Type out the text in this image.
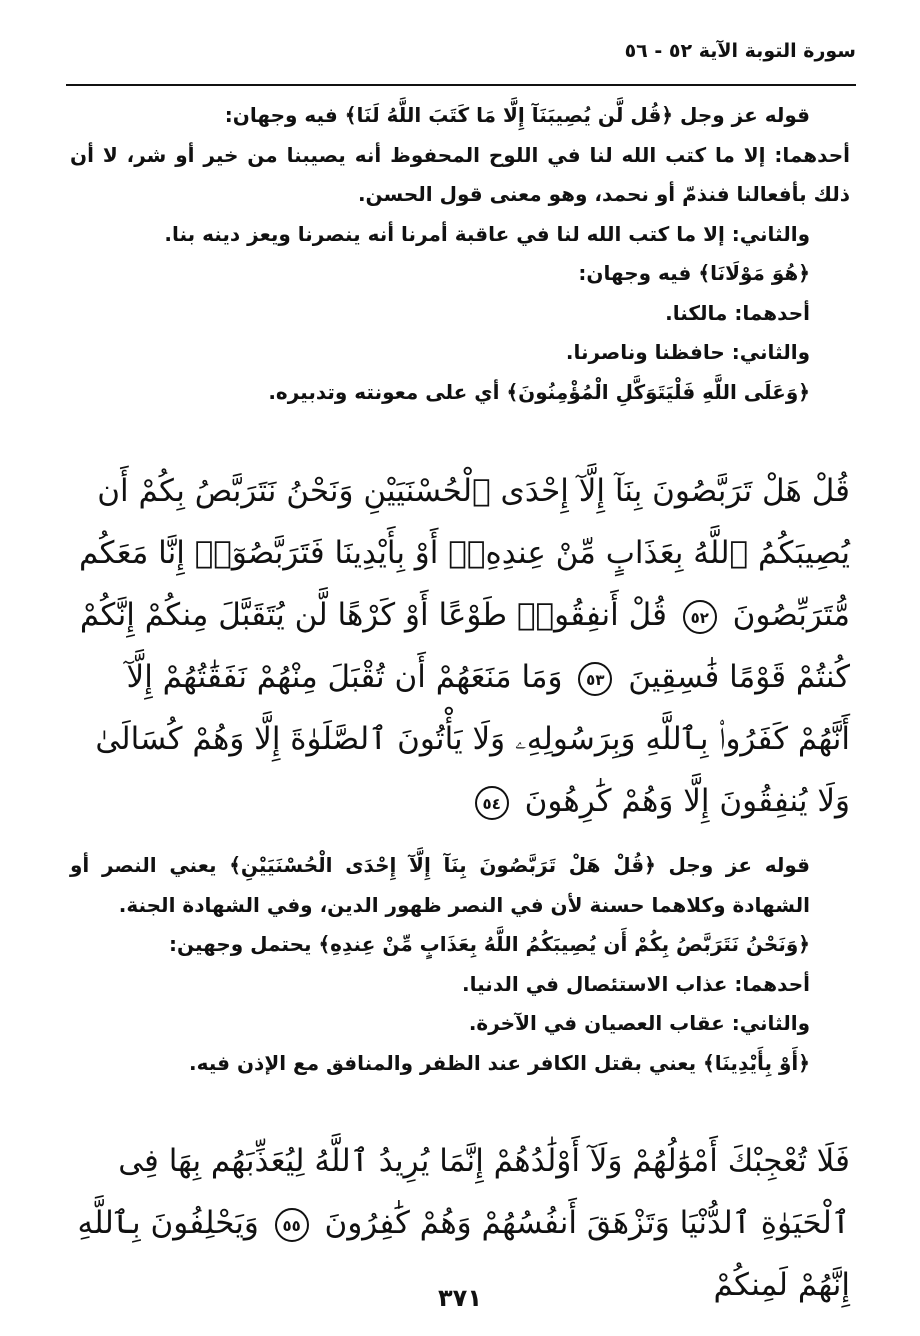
سورة التوبة الآية ٥٢ - ٥٦

قوله عز وجل ﴿قُل لَّن يُصِيبَنَآ إِلَّا مَا كَتَبَ اللَّهُ لَنَا﴾ فيه وجهان:

أحدهما: إلا ما كتب الله لنا في اللوح المحفوظ أنه يصيبنا من خير أو شر، لا أن ذلك بأفعالنا فنذمّ أو نحمد، وهو معنى قول الحسن.

والثاني: إلا ما كتب الله لنا في عاقبة أمرنا أنه ينصرنا ويعز دينه بنا.

﴿هُوَ مَوْلَانَا﴾ فيه وجهان:

أحدهما: مالكنا.

والثاني: حافظنا وناصرنا.

﴿وَعَلَى اللَّهِ فَلْيَتَوَكَّلِ الْمُؤْمِنُونَ﴾ أي على معونته وتدبيره.

قُلْ هَلْ تَرَبَّصُونَ بِنَآ إِلَّآ إِحْدَى ٱلْحُسْنَيَيْنِ وَنَحْنُ نَتَرَبَّصُ بِكُمْ أَن يُصِيبَكُمُ ٱللَّهُ بِعَذَابٍ مِّنْ عِندِهِۦٓ أَوْ بِأَيْدِينَا فَتَرَبَّصُوٓا۟ إِنَّا مَعَكُم مُّتَرَبِّصُونَ ٥٢ قُلْ أَنفِقُوا۟ طَوْعًا أَوْ كَرْهًا لَّن يُتَقَبَّلَ مِنكُمْ إِنَّكُمْ كُنتُمْ قَوْمًا فَٰسِقِينَ ٥٣ وَمَا مَنَعَهُمْ أَن تُقْبَلَ مِنْهُمْ نَفَقَٰتُهُمْ إِلَّآ أَنَّهُمْ كَفَرُوا۟ بِٱللَّهِ وَبِرَسُولِهِۦ وَلَا يَأْتُونَ ٱلصَّلَوٰةَ إِلَّا وَهُمْ كُسَالَىٰ وَلَا يُنفِقُونَ إِلَّا وَهُمْ كَٰرِهُونَ ٥٤

قوله عز وجل ﴿قُلْ هَلْ تَرَبَّصُونَ بِنَآ إِلَّآ إِحْدَى الْحُسْنَيَيْنِ﴾ يعني النصر أو الشهادة وكلاهما حسنة لأن في النصر ظهور الدين، وفي الشهادة الجنة.

﴿وَنَحْنُ نَتَرَبَّصُ بِكُمْ أَن يُصِيبَكُمُ اللَّهُ بِعَذَابٍ مِّنْ عِندِهِ﴾ يحتمل وجهين:

أحدهما: عذاب الاستئصال في الدنيا.

والثاني: عقاب العصيان في الآخرة.

﴿أَوْ بِأَيْدِينَا﴾ يعني بقتل الكافر عند الظفر والمنافق مع الإذن فيه.

فَلَا تُعْجِبْكَ أَمْوَٰلُهُمْ وَلَآ أَوْلَٰدُهُمْ إِنَّمَا يُرِيدُ ٱللَّهُ لِيُعَذِّبَهُم بِهَا فِى ٱلْحَيَوٰةِ ٱلدُّنْيَا وَتَزْهَقَ أَنفُسُهُمْ وَهُمْ كَٰفِرُونَ ٥٥ وَيَحْلِفُونَ بِٱللَّهِ إِنَّهُمْ لَمِنكُمْ

٣٧١
